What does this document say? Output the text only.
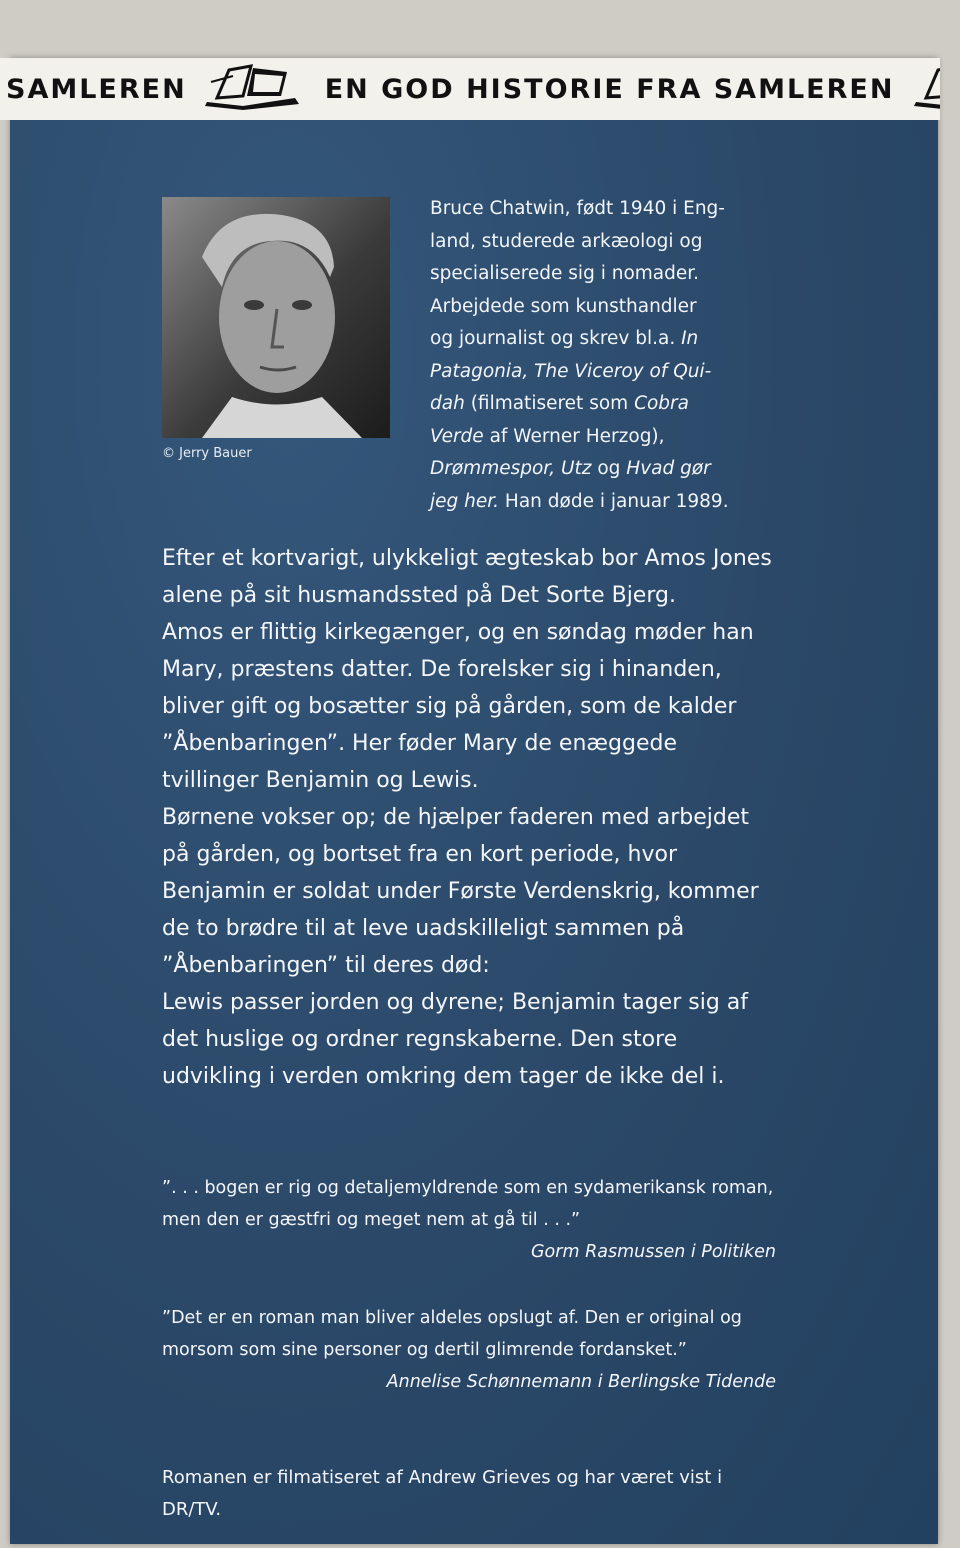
SAMLEREN	EN GOD HISTORIE FRA SAMLEREN
© Jerry Bauer
Bruce Chatwin, født 1940 i Eng-
land, studerede arkæologi og
specialiserede sig i nomader.
Arbejdede som kunsthandler
og journalist og skrev bl.a. In
Patagonia, The Viceroy of Qui-
dah (filmatiseret som Cobra
Verde af Werner Herzog),
Drømmespor, Utz og Hvad gør
jeg her. Han døde i januar 1989.

Efter et kortvarigt, ulykkeligt ægteskab bor Amos Jones alene på sit husmandssted på Det Sorte Bjerg.

Amos er flittig kirkegænger, og en søndag møder han Mary, præstens datter. De forelsker sig i hinanden, bliver gift og bosætter sig på gården, som de kalder ”Åbenbaringen”. Her føder Mary de enæggede tvillinger Benjamin og Lewis.

Børnene vokser op; de hjælper faderen med arbejdet på gården, og bortset fra en kort periode, hvor Benjamin er soldat under Første Verdenskrig, kommer de to brødre til at leve uadskilleligt sammen på ”Åbenbaringen” til deres død:

Lewis passer jorden og dyrene; Benjamin tager sig af det huslige og ordner regnskaberne. Den store udvikling i verden omkring dem tager de ikke del i.

”. . . bogen er rig og detaljemyldrende som en sydamerikansk roman, men den er gæstfri og meget nem at gå til . . .”

Gorm Rasmussen i Politiken

”Det er en roman man bliver aldeles opslugt af. Den er original og morsom som sine personer og dertil glimrende fordansket.”

Annelise Schønnemann i Berlingske Tidende

Romanen er filmatiseret af Andrew Grieves og har været vist i DR/TV.
